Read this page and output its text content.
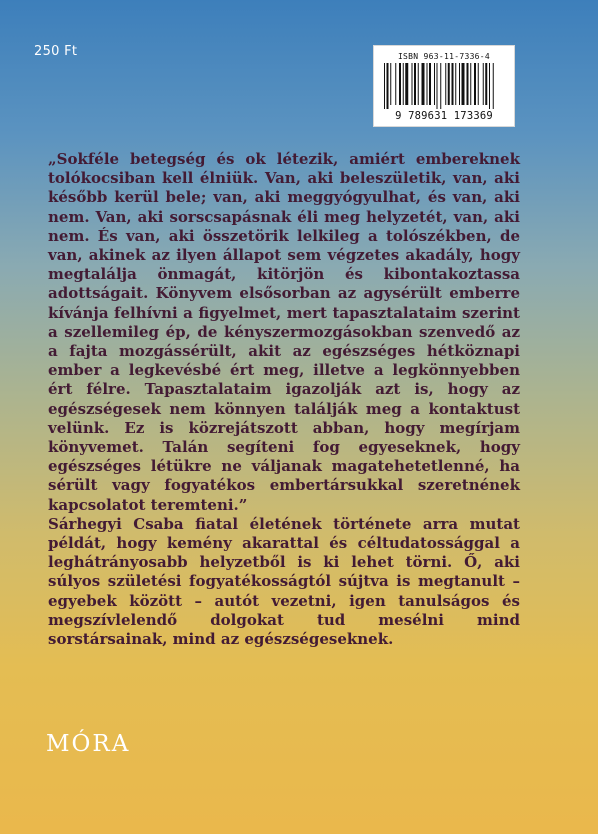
250 Ft	ISBN 963-11-7336-4
9 789631 173369

„Sokféle betegség és ok létezik, amiért embereknek tolókocsiban kell élniük. Van, aki beleszületik, van, aki később kerül bele; van, aki meggyógyulhat, és van, aki nem. Van, aki sorscsapásnak éli meg helyzetét, van, aki nem. És van, aki összetörik lelkileg a tolószékben, de van, akinek az ilyen állapot sem végzetes akadály, hogy megtalálja önmagát, kitörjön és kibontakoztassa adottságait. Könyvem elsősorban az agysérült emberre kívánja felhívni a figyelmet, mert tapasztalataim szerint a szellemileg ép, de kényszermozgásokban szenvedő az a fajta mozgássérült, akit az egészséges hétköznapi ember a legkevésbé ért meg, illetve a legkönnyebben ért félre. Tapasztalataim igazolják azt is, hogy az egészségesek nem könnyen találják meg a kontaktust velünk. Ez is közrejátszott abban, hogy megírjam könyvemet. Talán segíteni fog egyeseknek, hogy egészséges létükre ne váljanak magatehetetlenné, ha sérült vagy fogyatékos embertársukkal szeretnének kapcsolatot teremteni.”

Sárhegyi Csaba fiatal életének története arra mutat példát, hogy kemény akarattal és céltudatossággal a leghátrányosabb helyzetből is ki lehet törni. Ő, aki súlyos születési fogyatékosságtól sújtva is megtanult – egyebek között – autót vezetni, igen tanulságos és megszívlelendő dolgokat tud mesélni mind sorstársainak, mind az egészségeseknek.

MÓRA
